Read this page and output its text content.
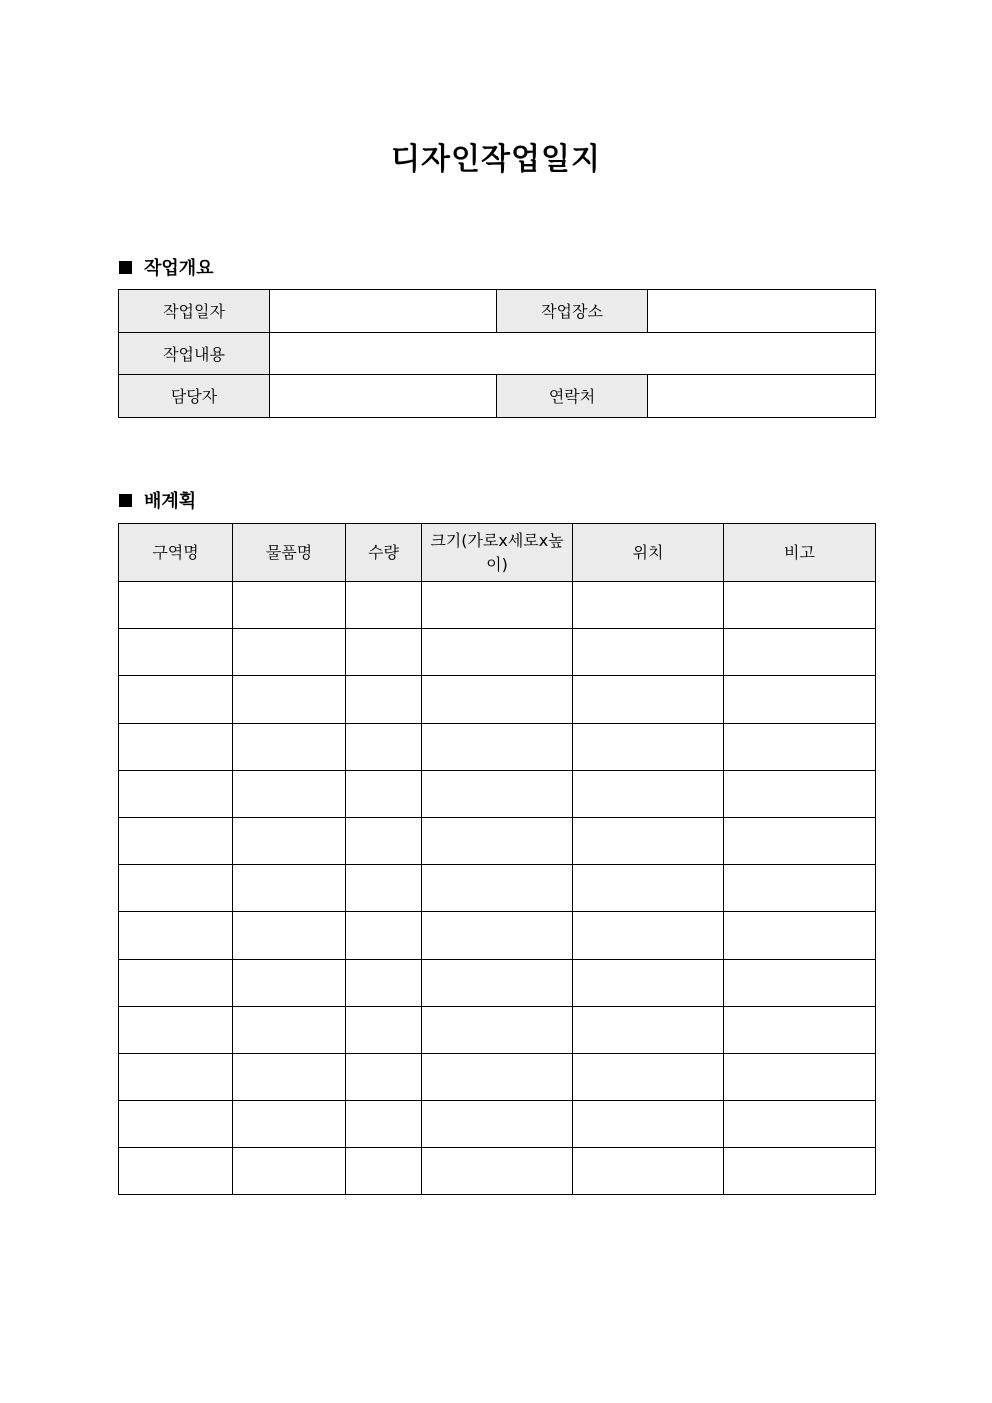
디자인작업일지
작업개요
작업일자		작업장소	
작업내용			
담당자		연락처	
배계획
구역명	물품명	수량	크기(가로x세로x높이)	위치	비고
